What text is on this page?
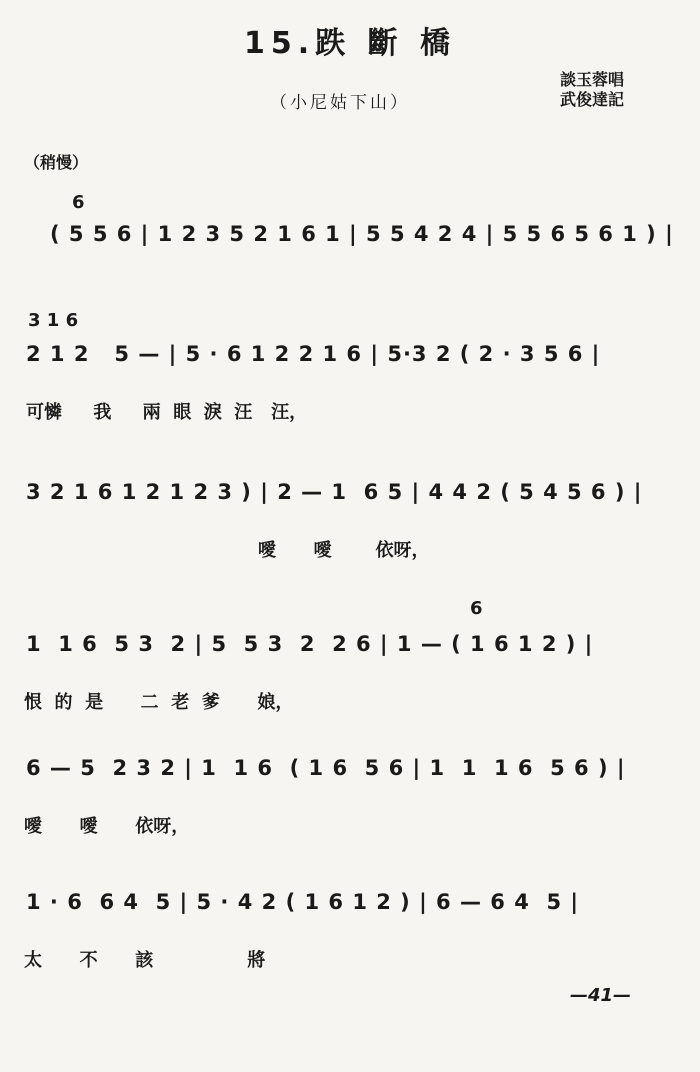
15.跌 斷 橋
（小尼姑下山）
談玉蓉唱
武俊達記
（稍慢）
6
( 5 5 6 | 1 2 3 5 2 1 6 1 | 5 5 4 2 4 | 5 5 6 5 6 1 ) |
3 1 6
2 1 2   5 — | 5 · 6 1 2 2 1 6 | 5·3 2 ( 2 · 3 5 6 |
可憐     我     兩  眼  淚  汪   汪，
3 2 1 6 1 2 1 2 3 ) | 2 — 1  6 5 | 4 4 2 ( 5 4 5 6 ) |
噯      噯       依呀，
6
1  1 6  5 3  2 | 5  5 3  2  2 6 | 1 — ( 1 6 1 2 ) |
恨  的  是      二  老  爹      娘，
6 — 5  2 3 2 | 1  1 6  ( 1 6  5 6 | 1  1  1 6  5 6 ) |
噯      噯      依呀，
1 · 6  6 4  5 | 5 · 4 2 ( 1 6 1 2 ) | 6 — 6 4  5 |
太      不      該               將
—41—
